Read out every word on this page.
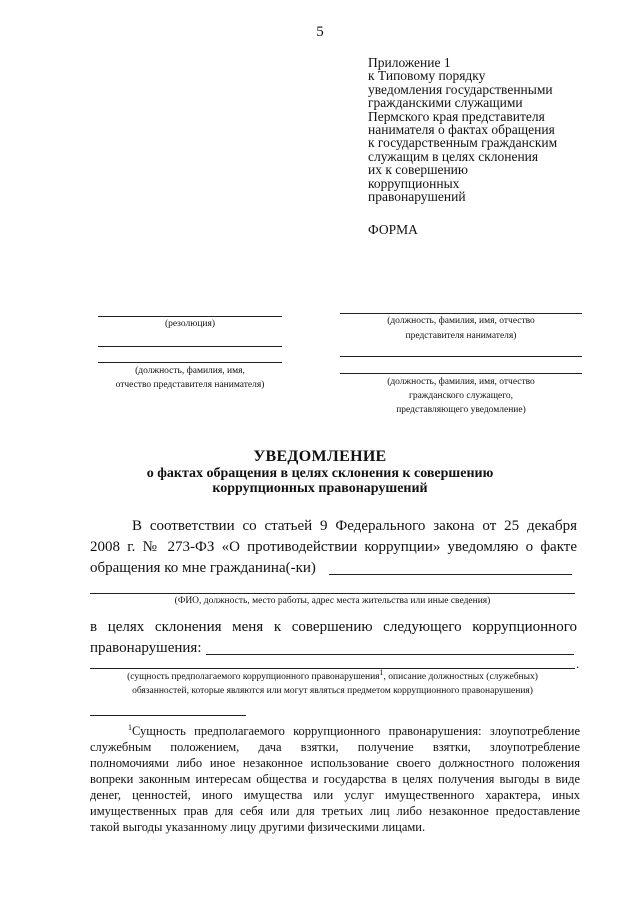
5
Приложение 1
к Типовому порядку
уведомления государственными
гражданскими служащими
Пермского края представителя
нанимателя о фактах обращения
к государственным гражданским
служащим в целях склонения
их к совершению
коррупционных
правонарушений
ФОРМА
(резолюция)
(должность, фамилия, имя,
отчество представителя нанимателя)
(должность, фамилия, имя, отчество
представителя нанимателя)
(должность, фамилия, имя, отчество
гражданского служащего,
представляющего уведомление)
УВЕДОМЛЕНИЕ
о фактах обращения в целях склонения к совершению
коррупционных правонарушений
В соответствии со статьей 9 Федерального закона от 25 декабря
2008 г. № 273-ФЗ «О противодействии коррупции» уведомляю о факте
обращения ко мне гражданина(-ки)
(ФИО, должность, место работы, адрес места жительства или иные сведения)
в целях склонения меня к совершению следующего коррупционного
правонарушения:
.
(сущность предполагаемого коррупционного правонарушения$^1$, описание должностных (служебных)
обязанностей, которые являются или могут являться предметом коррупционного правонарушения)
$^1$Сущность предполагаемого коррупционного правонарушения: злоупотребление
служебным положением, дача взятки, получение взятки, злоупотребление
полномочиями либо иное незаконное использование своего должностного положения
вопреки законным интересам общества и государства в целях получения выгоды в виде
денег, ценностей, иного имущества или услуг имущественного характера, иных
имущественных прав для себя или для третьих лиц либо незаконное предоставление
такой выгоды указанному лицу другими физическими лицами.
